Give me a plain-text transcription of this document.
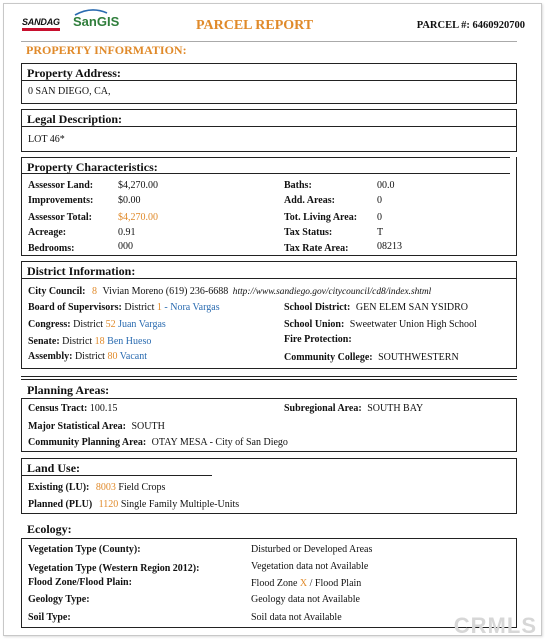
SANDAG SanGIS	PARCEL REPORT	PARCEL #: 6460920700
PROPERTY INFORMATION:
Property Address:
0 SAN DIEGO, CA,
Legal Description:
LOT 46*
Property Characteristics:
Assessor Land: $4,270.00
Improvements: $0.00
Assessor Total:	$4,270.00
Acreage:	0.91
Bedrooms:	000
Baths:	00.0
Add. Areas:	0
Tot. Living Area: 0
Tax Status:	T
Tax Rate Area:	08213
District Information:
City Council: 8 Vivian Moreno (619) 236-6688 http://www.sandiego.gov/citycouncil/cd8/index.shtml
Board of Supervisors: District 1 - Nora Vargas
Congress: District 52 Juan Vargas
Senate: District 18 Ben Hueso
Assembly: District 80 Vacant
School District: GEN ELEM SAN YSIDRO
School Union: Sweetwater Union High School
Fire Protection:
Community College: SOUTHWESTERN
Planning Areas:
Census Tract: 100.15	Subregional Area: SOUTH BAY
Major Statistical Area: SOUTH
Community Planning Area: OTAY MESA - City of San Diego
Land Use:
Existing (LU): 8003 Field Crops
Planned (PLU) 1120 Single Family Multiple-Units
Ecology:
Vegetation Type (County):	Disturbed or Developed Areas
Vegetation Type (Western Region 2012):	Vegetation data not Available
Flood Zone/Flood Plain:	Flood Zone X / Flood Plain
Geology Type:	Geology data not Available
Soil Type:	Soil data not Available	CRMLS
